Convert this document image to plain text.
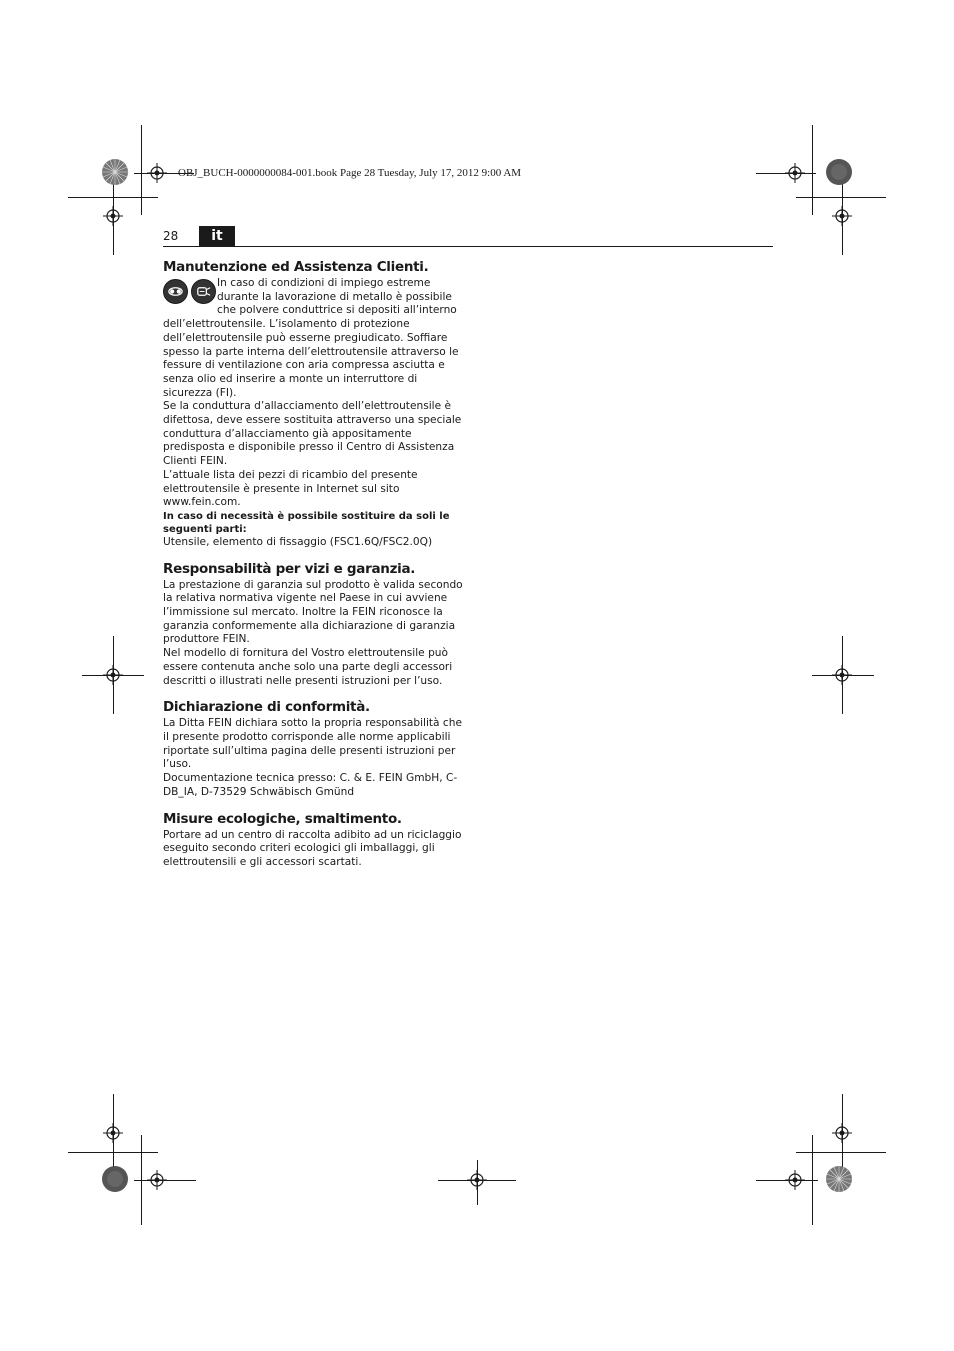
OBJ_BUCH-0000000084-001.book Page 28 Tuesday, July 17, 2012 9:00 AM
28	it
Manutenzione ed Assistenza Clienti.

In caso di condizioni di impiego estreme durante la lavorazione di metallo è possibile che polvere conduttrice si depositi all’interno dell’elettroutensile. L’isolamento di protezione dell’elettroutensile può esserne pregiudicato. Soffiare spesso la parte interna dell’elettroutensile attraverso le fessure di ventilazione con aria compressa asciutta e senza olio ed inserire a monte un interruttore di sicurezza (FI).

Se la conduttura d’allacciamento dell’elettroutensile è difettosa, deve essere sostituita attraverso una speciale conduttura d’allacciamento già appositamente predisposta e disponibile presso il Centro di Assistenza Clienti FEIN.

L’attuale lista dei pezzi di ricambio del presente elettroutensile è presente in Internet sul sito www.fein.com.

In caso di necessità è possibile sostituire da soli le seguenti parti:

Utensile, elemento di fissaggio (FSC1.6Q/FSC2.0Q)

Responsabilità per vizi e garanzia.

La prestazione di garanzia sul prodotto è valida secondo la relativa normativa vigente nel Paese in cui avviene l’immissione sul mercato. Inoltre la FEIN riconosce la garanzia conformemente alla dichiarazione di garanzia produttore FEIN.

Nel modello di fornitura del Vostro elettroutensile può essere contenuta anche solo una parte degli accessori descritti o illustrati nelle presenti istruzioni per l’uso.

Dichiarazione di conformità.

La Ditta FEIN dichiara sotto la propria responsabilità che il presente prodotto corrisponde alle norme applicabili riportate sull’ultima pagina delle presenti istruzioni per l’uso.

Documentazione tecnica presso: C. & E. FEIN GmbH, C-DB_IA, D-73529 Schwäbisch Gmünd

Misure ecologiche, smaltimento.

Portare ad un centro di raccolta adibito ad un riciclaggio eseguito secondo criteri ecologici gli imballaggi, gli elettroutensili e gli accessori scartati.
